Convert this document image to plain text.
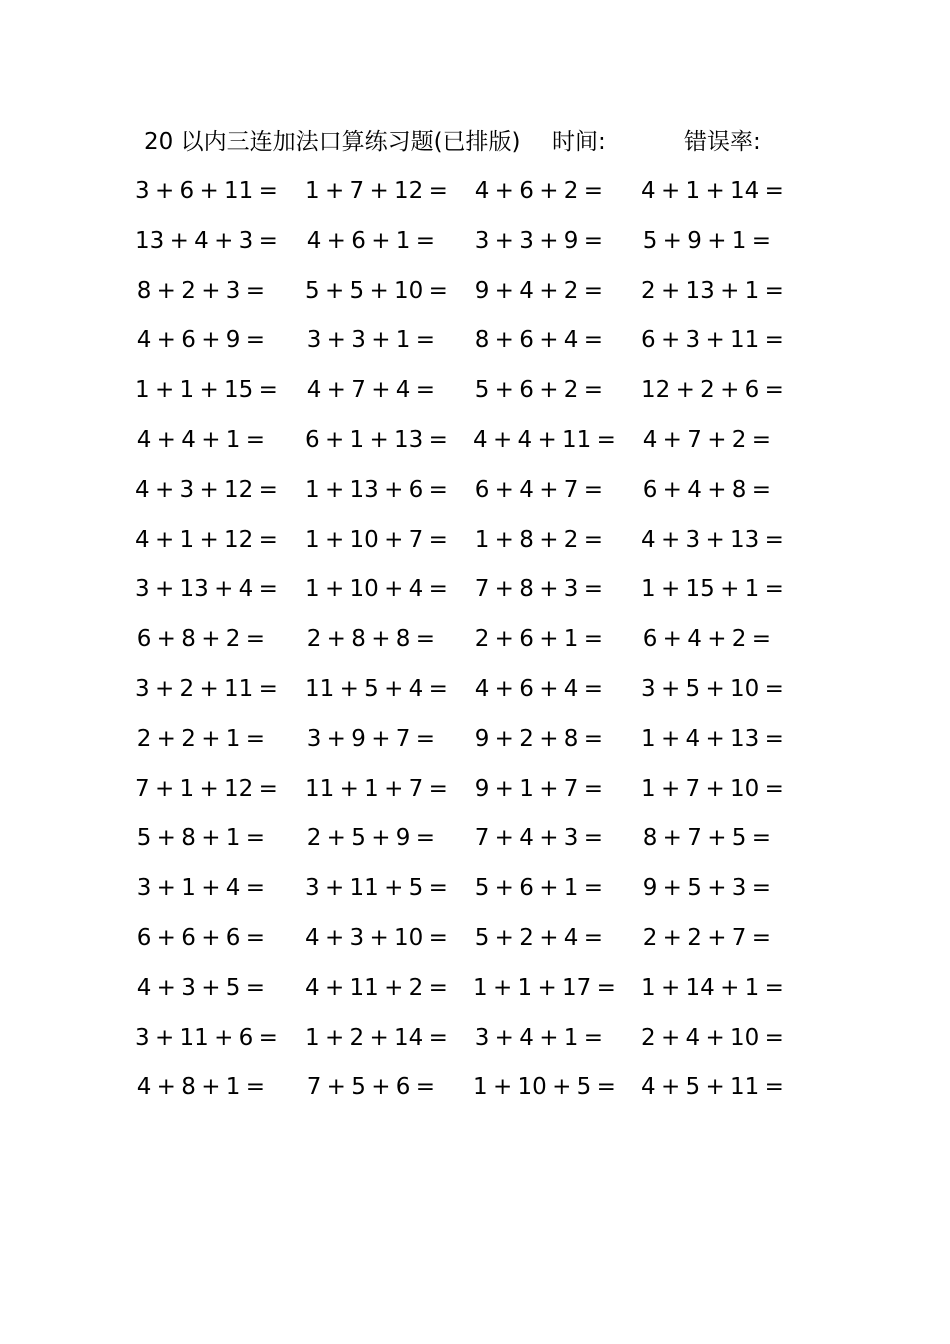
20 以内三连加法口算练习题(已排版) 时间:	错误率:
3 + 6 + 11 = 1 + 7 + 12 = 4 + 6 + 2 = 4 + 1 + 14 =
13 + 4 + 3 = 4 + 6 + 1 = 3 + 3 + 9 = 5 + 9 + 1 =
8 + 2 + 3 = 5 + 5 + 10 = 9 + 4 + 2 = 2 + 13 + 1 =
4 + 6 + 9 = 3 + 3 + 1 = 8 + 6 + 4 = 6 + 3 + 11 =
1 + 1 + 15 = 4 + 7 + 4 = 5 + 6 + 2 = 12 + 2 + 6 =
4 + 4 + 1 = 6 + 1 + 13 = 4 + 4 + 11 = 4 + 7 + 2 =
4 + 3 + 12 = 1 + 13 + 6 = 6 + 4 + 7 = 6 + 4 + 8 =
4 + 1 + 12 = 1 + 10 + 7 = 1 + 8 + 2 = 4 + 3 + 13 =
3 + 13 + 4 = 1 + 10 + 4 = 7 + 8 + 3 = 1 + 15 + 1 =
6 + 8 + 2 = 2 + 8 + 8 = 2 + 6 + 1 = 6 + 4 + 2 =
3 + 2 + 11 = 11 + 5 + 4 = 4 + 6 + 4 = 3 + 5 + 10 =
2 + 2 + 1 = 3 + 9 + 7 = 9 + 2 + 8 = 1 + 4 + 13 =
7 + 1 + 12 = 11 + 1 + 7 = 9 + 1 + 7 = 1 + 7 + 10 =
5 + 8 + 1 = 2 + 5 + 9 = 7 + 4 + 3 = 8 + 7 + 5 =
3 + 1 + 4 = 3 + 11 + 5 = 5 + 6 + 1 = 9 + 5 + 3 =
6 + 6 + 6 = 4 + 3 + 10 = 5 + 2 + 4 = 2 + 2 + 7 =
4 + 3 + 5 = 4 + 11 + 2 = 1 + 1 + 17 = 1 + 14 + 1 =
3 + 11 + 6 = 1 + 2 + 14 = 3 + 4 + 1 = 2 + 4 + 10 =
4 + 8 + 1 = 7 + 5 + 6 = 1 + 10 + 5 = 4 + 5 + 11 =
